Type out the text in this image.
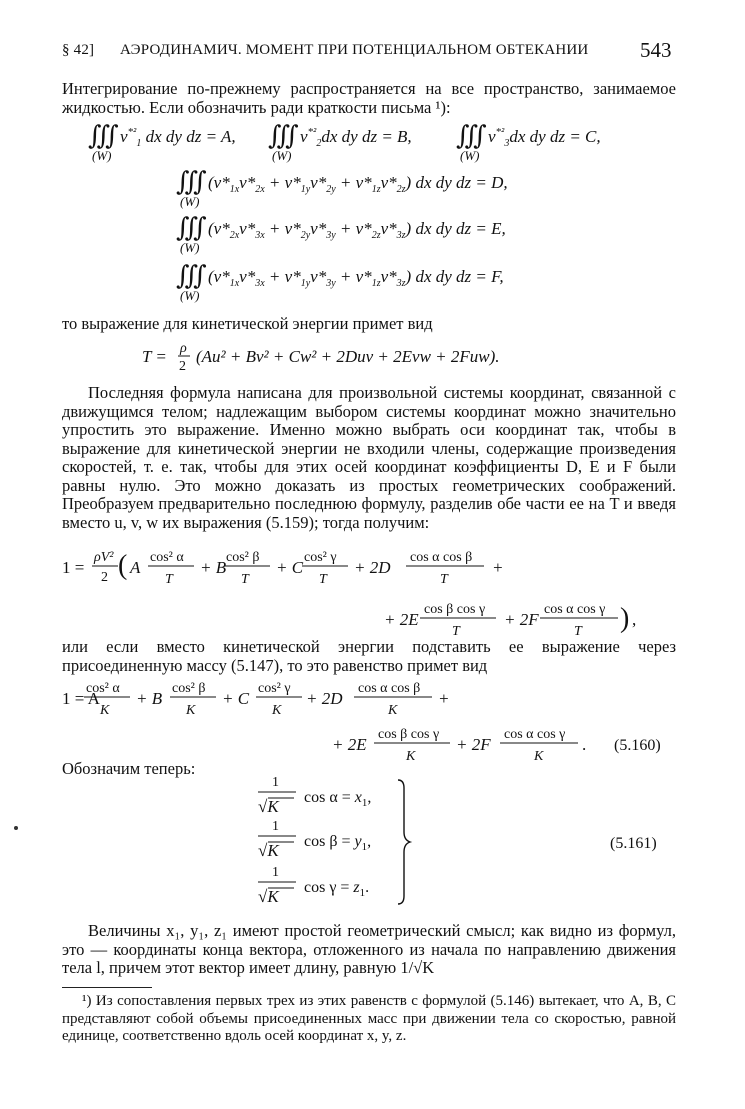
§ 42] АЭРОДИНАМИЧ. МОМЕНТ ПРИ ПОТЕНЦИАЛЬНОМ ОБТЕКАНИИ 543
Интегрирование по-прежнему распространяется на все пространство, занимаемое жидкостью. Если обозначить ради краткости письма ¹):
∭ $v^{*^2}_1$ dx dy dz = A,
(W)
∭ $v^{*^2}_2dx$ dy dz = B,
(W)
∭ $v^{*^2}_3dx$ dy dz = C,
(W)
∭ $(v*_{1x}v*_{2x} + v*_{1y}v*_{2y} + v*_{1z}v*_{2z})$ dx dy dz = D,
(W)
∭ $(v*_{2x}v*_{3x} + v*_{2y}v*_{3y} + v*_{2z}v*_{3z})$ dx dy dz = E,
(W)
∭ $(v*_{1x}v*_{3x} + v*_{1y}v*_{3y} + v*_{1z}v*_{3z})$ dx dy dz = F,
(W)
то выражение для кинетической энергии примет вид
T = ρ
2
(Au² + Bv² + Cw² + 2Duv + 2Evw + 2Fuw).
Последняя формула написана для произвольной системы координат, связанной с движущимся телом; надлежащим выбором системы координат можно значительно упростить это выражение. Именно можно выбрать оси координат так, чтобы в выражение для кинетической энергии не входили члены, содержащие произведения скоростей, т. е. так, чтобы для этих осей координат коэффициенты D, E и F были равны нулю. Это можно доказать из простых геометрических соображений. Преобразуем предварительно последнюю формулу, разделив обе части ее на T и введя вместо u, v, w их выражения (5.159); тогда получим:
1 =
ρV²
2 ( A
cos² α
T
+ B
cos² β
T
+ C
cos² γ
T
+ 2D
cos α cos β
T
+
+ 2E
cos β cos γ
T
+ 2F
cos α cos γ
T ) ,
или если вместо кинетической энергии подставить ее выражение через присоединенную массу (5.147), то это равенство примет вид
1 = A
cos² α
K
+ B
cos² β
K
+ C
cos² γ
K
+ 2D
cos α cos β
K
+
+ 2E
cos β cos γ
K
+ 2F
cos α cos γ
K
. (5.160)
Обозначим теперь:
1
√K $\cos \alpha = x_1$,
1
√K $\cos \beta = y_1$,
1
√K $\cos \gamma = z_1$.
(5.161)
Величины x₁, y₁, z₁ имеют простой геометрический смысл; как видно из формул, это — координаты конца вектора, отложенного из начала по направлению движения тела l, причем этот вектор имеет длину, равную 1/√K
¹) Из сопоставления первых трех из этих равенств с формулой (5.146) вытекает, что A, B, C представляют собой объемы присоединенных масс при движении тела со скоростью, равной единице, соответственно вдоль осей координат x, y, z.
